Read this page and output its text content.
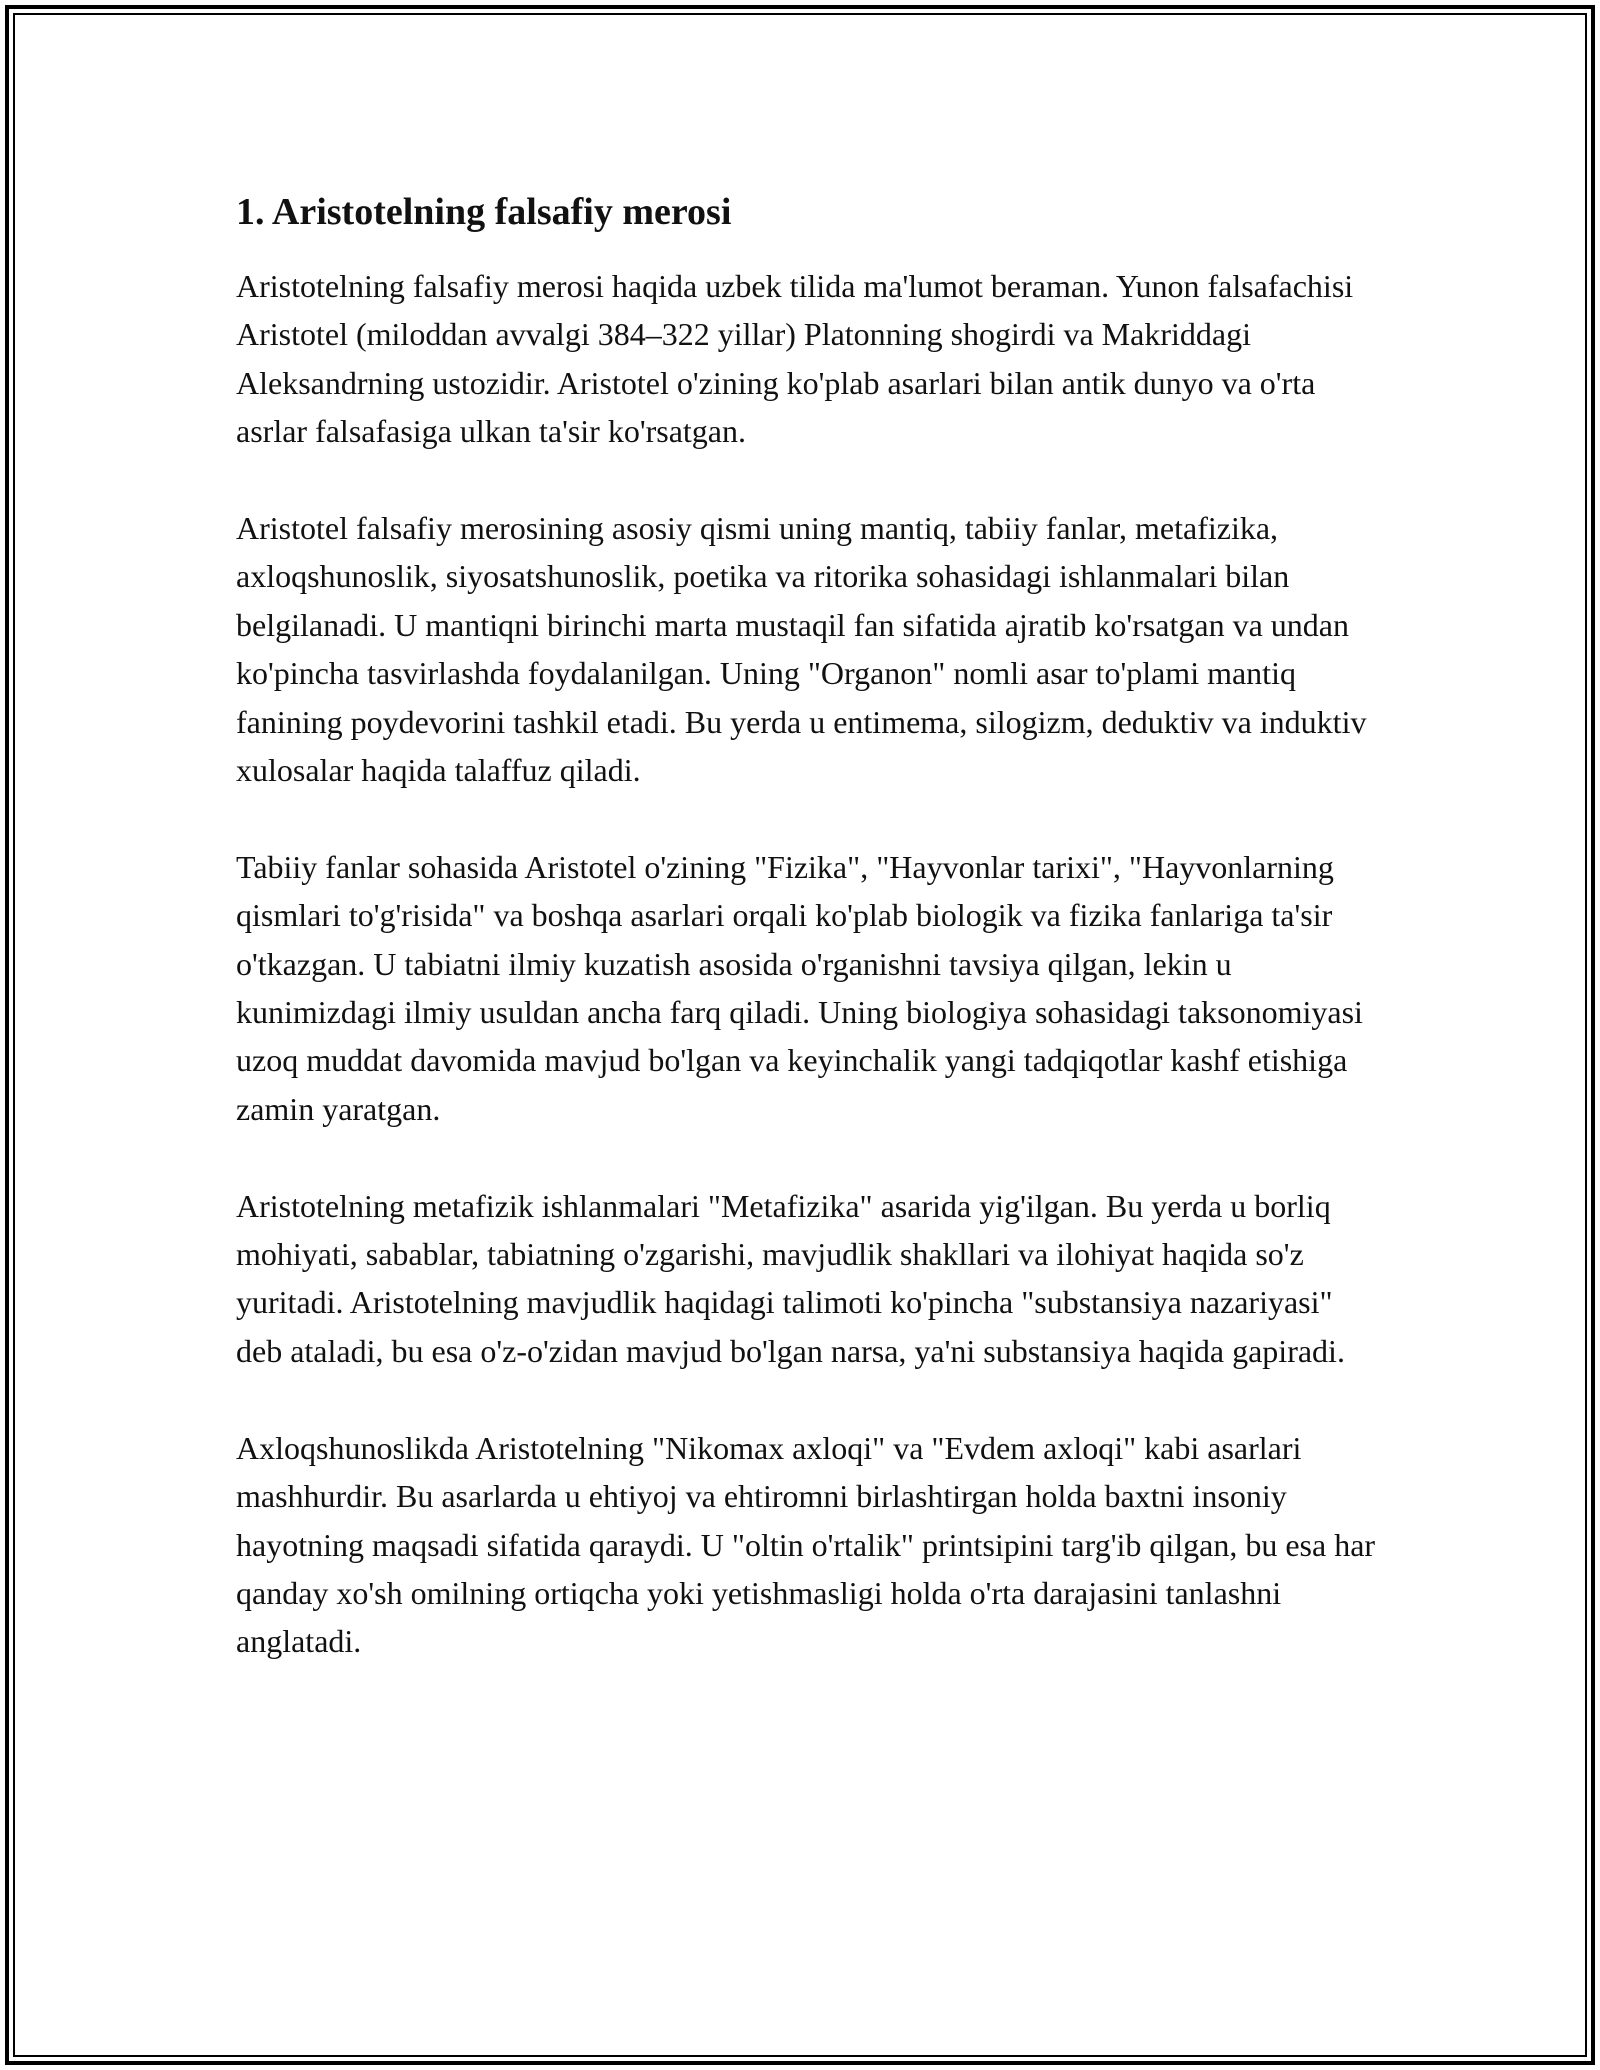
1. Aristotelning falsafiy merosi

Aristotelning falsafiy merosi haqida uzbek tilida ma'lumot beraman. Yunon falsafachisi Aristotel (miloddan avvalgi 384–322 yillar) Platonning shogirdi va Makriddagi Aleksandrning ustozidir. Aristotel o'zining ko'plab asarlari bilan antik dunyo va o'rta asrlar falsafasiga ulkan ta'sir ko'rsatgan.

Aristotel falsafiy merosining asosiy qismi uning mantiq, tabiiy fanlar, metafizika, axloqshunoslik, siyosatshunoslik, poetika va ritorika sohasidagi ishlanmalari bilan belgilanadi. U mantiqni birinchi marta mustaqil fan sifatida ajratib ko'rsatgan va undan ko'pincha tasvirlashda foydalanilgan. Uning "Organon" nomli asar to'plami mantiq fanining poydevorini tashkil etadi. Bu yerda u entimema, silogizm, deduktiv va induktiv xulosalar haqida talaffuz qiladi.

Tabiiy fanlar sohasida Aristotel o'zining "Fizika", "Hayvonlar tarixi", "Hayvonlarning qismlari to'g'risida" va boshqa asarlari orqali ko'plab biologik va fizika fanlariga ta'sir o'tkazgan. U tabiatni ilmiy kuzatish asosida o'rganishni tavsiya qilgan, lekin u kunimizdagi ilmiy usuldan ancha farq qiladi. Uning biologiya sohasidagi taksonomiyasi uzoq muddat davomida mavjud bo'lgan va keyinchalik yangi tadqiqotlar kashf etishiga zamin yaratgan.

Aristotelning metafizik ishlanmalari "Metafizika" asarida yig'ilgan. Bu yerda u borliq mohiyati, sabablar, tabiatning o'zgarishi, mavjudlik shakllari va ilohiyat haqida so'z yuritadi. Aristotelning mavjudlik haqidagi talimoti ko'pincha "substansiya nazariyasi" deb ataladi, bu esa o'z-o'zidan mavjud bo'lgan narsa, ya'ni substansiya haqida gapiradi.

Axloqshunoslikda Aristotelning "Nikomax axloqi" va "Evdem axloqi" kabi asarlari mashhurdir. Bu asarlarda u ehtiyoj va ehtiromni birlashtirgan holda baxtni insoniy hayotning maqsadi sifatida qaraydi. U "oltin o'rtalik" printsipini targ'ib qilgan, bu esa har qanday xo'sh omilning ortiqcha yoki yetishmasligi holda o'rta darajasini tanlashni anglatadi.
